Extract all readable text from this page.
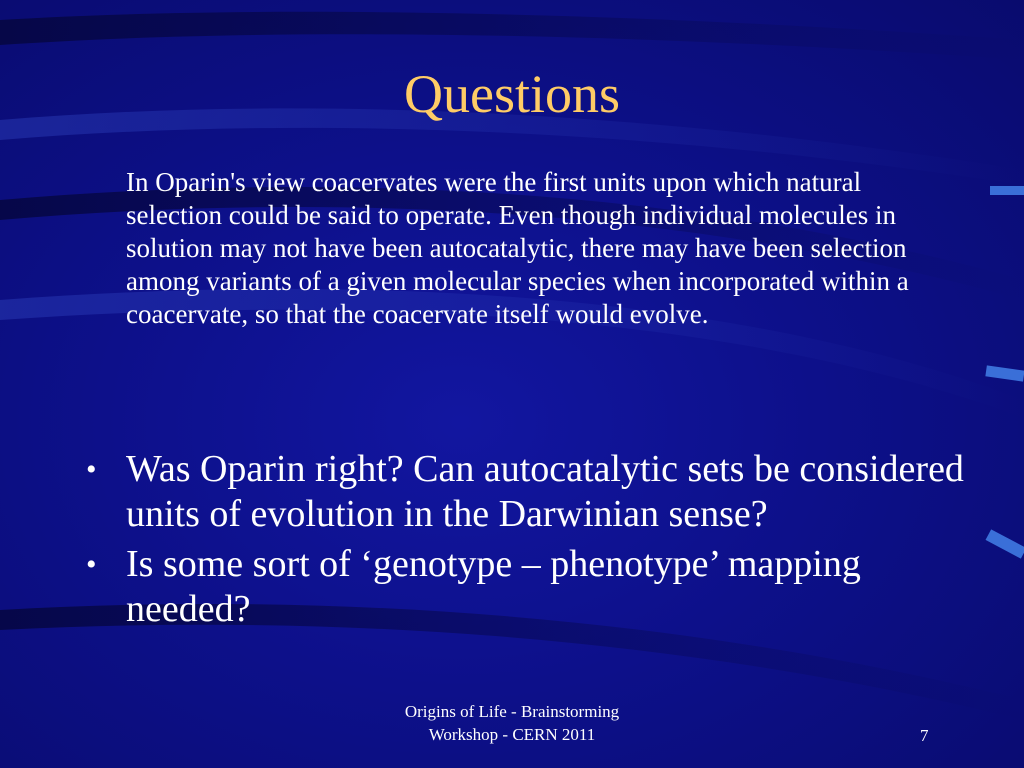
Questions

In Oparin's view coacervates were the first units upon which natural selection could be said to operate. Even though individual molecules in solution may not have been autocatalytic, there may have been selection among variants of a given molecular species when incorporated within a coacervate, so that the coacervate itself would evolve.

• Was Oparin right? Can autocatalytic sets be considered units of evolution in the Darwinian sense?
• Is some sort of ‘genotype – phenotype’ mapping needed?
Origins of Life - Brainstorming
Workshop - CERN 2011	7
